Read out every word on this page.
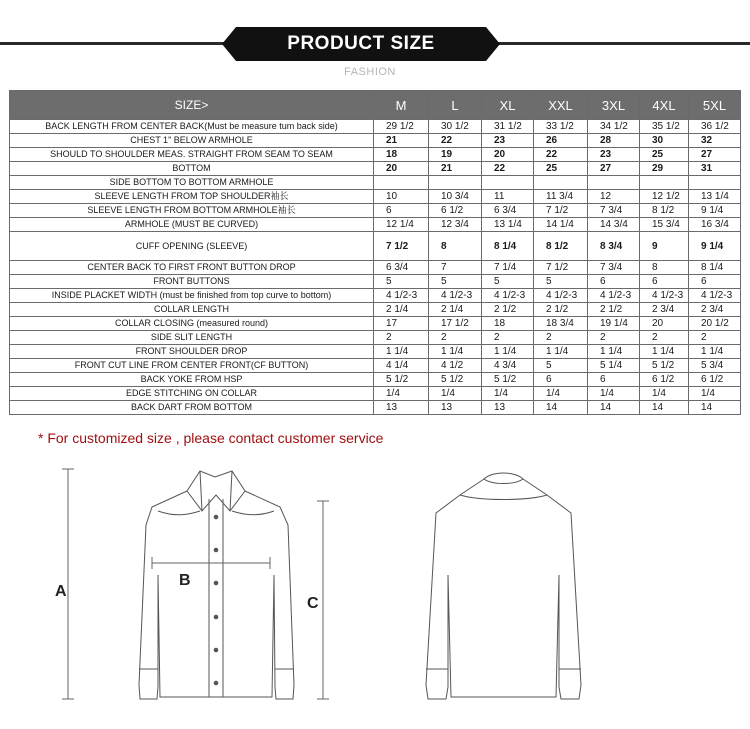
PRODUCT SIZE
FASHION
SIZE>	M	L	XL	XXL	3XL	4XL	5XL
BACK LENGTH FROM CENTER BACK(Must be measure tum back side)	29 1/2	30 1/2	31 1/2	33 1/2	34 1/2	35 1/2	36 1/2
CHEST 1" BELOW ARMHOLE	21	22	23	26	28	30	32
SHOULD TO SHOULDER MEAS. STRAIGHT FROM SEAM TO SEAM	18	19	20	22	23	25	27
BOTTOM	20	21	22	25	27	29	31
SIDE BOTTOM TO BOTTOM ARMHOLE							
SLEEVE LENGTH FROM TOP SHOULDER袖长	10	10 3/4	11	11 3/4	12	12 1/2	13 1/4
SLEEVE LENGTH FROM BOTTOM ARMHOLE袖长	6	6 1/2	6 3/4	7 1/2	7 3/4	8 1/2	9 1/4
ARMHOLE (MUST BE CURVED)	12 1/4	12 3/4	13 1/4	14 1/4	14 3/4	15 3/4	16 3/4
CUFF OPENING (SLEEVE)	7 1/2	8	8 1/4	8 1/2	8 3/4	9	9 1/4
CENTER BACK TO FIRST FRONT BUTTON DROP	6 3/4	7	7 1/4	7 1/2	7 3/4	8	8 1/4
FRONT BUTTONS	5	5	5	5	6	6	6
INSIDE PLACKET WIDTH (must be finished from top curve to bottom)	4 1/2-3	4 1/2-3	4 1/2-3	4 1/2-3	4 1/2-3	4 1/2-3	4 1/2-3
COLLAR LENGTH	2 1/4	2 1/4	2 1/2	2 1/2	2 1/2	2 3/4	2 3/4
COLLAR CLOSING (measured round)	17	17 1/2	18	18 3/4	19 1/4	20	20 1/2
SIDE SLIT LENGTH	2	2	2	2	2	2	2
FRONT SHOULDER DROP	1 1/4	1 1/4	1 1/4	1 1/4	1 1/4	1 1/4	1 1/4
FRONT CUT LINE FROM CENTER FRONT(CF BUTTON)	4 1/4	4 1/2	4 3/4	5	5 1/4	5 1/2	5 3/4
BACK YOKE FROM HSP	5 1/2	5 1/2	5 1/2	6	6	6 1/2	6 1/2
EDGE STITCHING ON COLLAR	1/4	1/4	1/4	1/4	1/4	1/4	1/4
BACK DART FROM BOTTOM	13	13	13	14	14	14	14
* For customized size , please contact customer service
A
B
C
